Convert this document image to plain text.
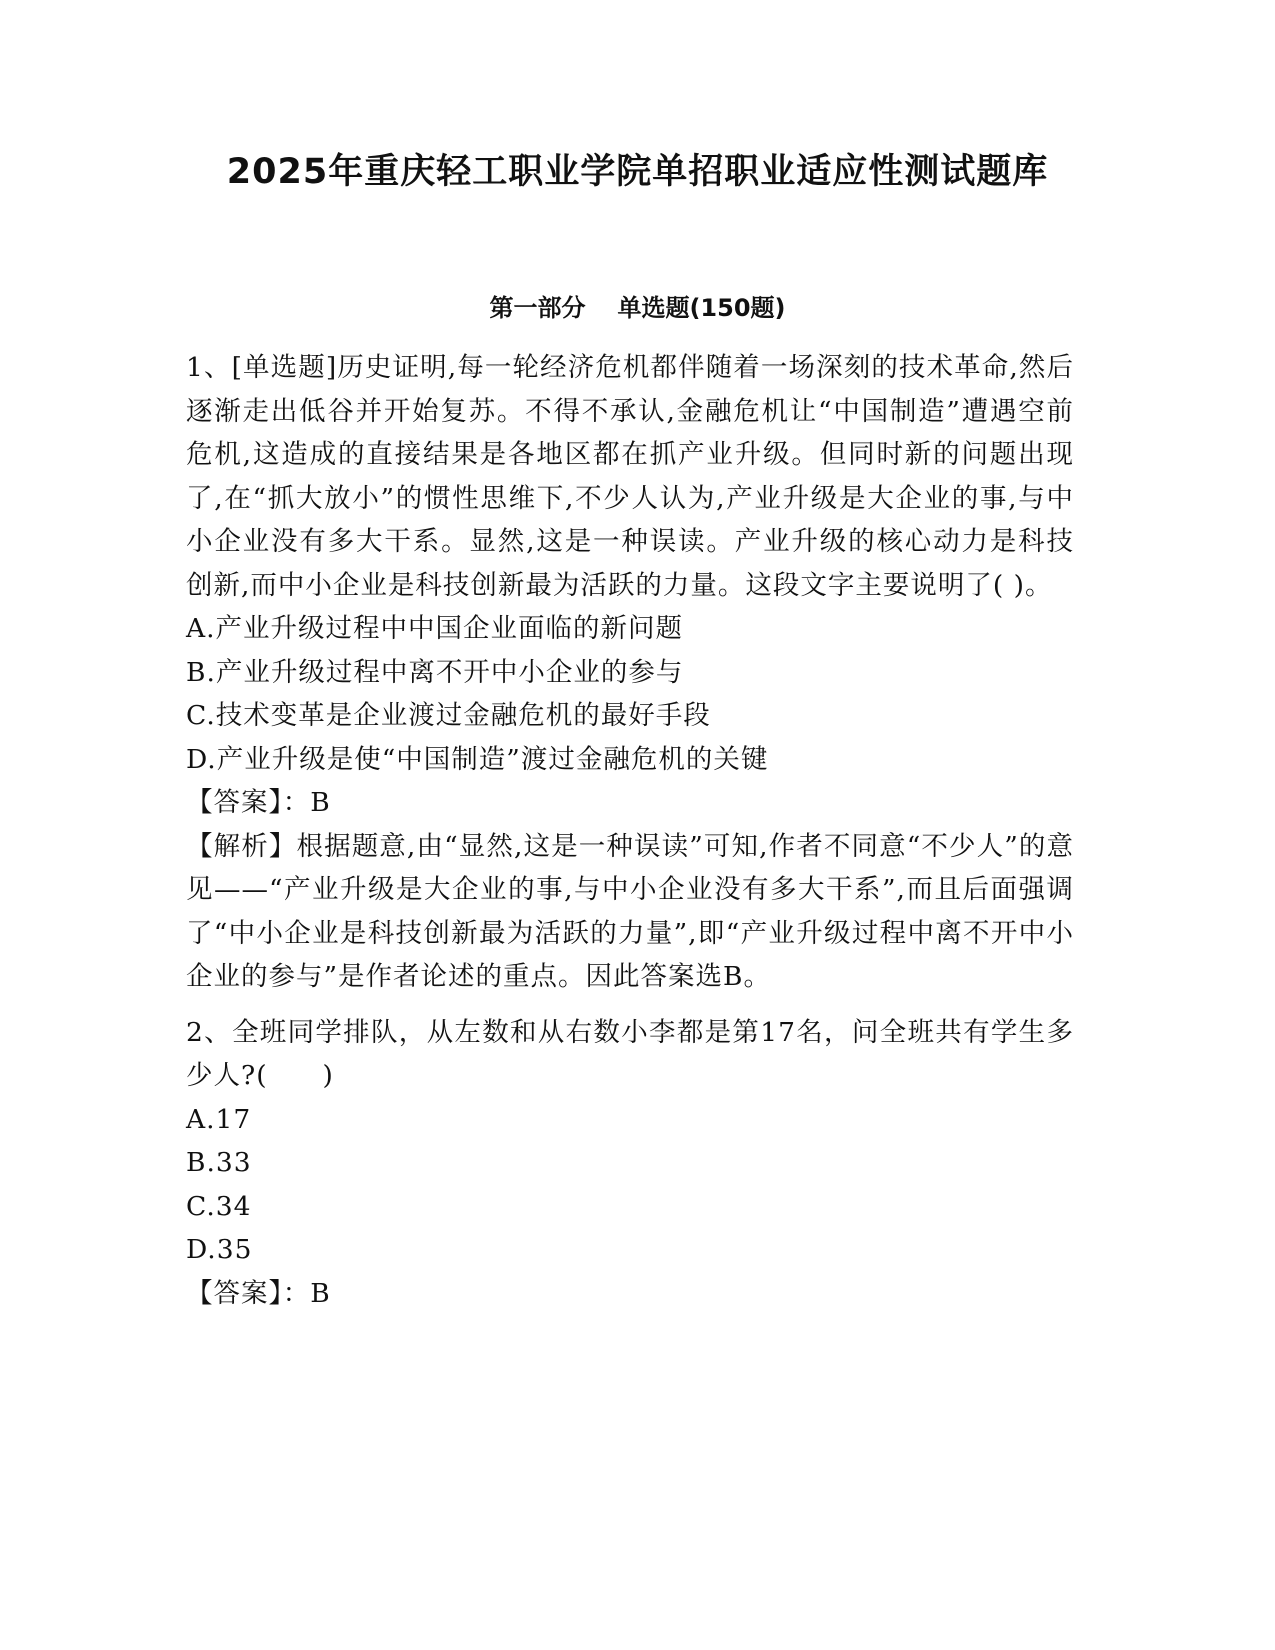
2025年重庆轻工职业学院单招职业适应性测试题库
第一部分 单选题(150题)

1、[单选题]历史证明,每一轮经济危机都伴随着一场深刻的技术革命,然后逐渐走出低谷并开始复苏。不得不承认,金融危机让“中国制造”遭遇空前危机,这造成的直接结果是各地区都在抓产业升级。但同时新的问题出现了,在“抓大放小”的惯性思维下,不少人认为,产业升级是大企业的事,与中小企业没有多大干系。显然,这是一种误读。产业升级的核心动力是科技创新,而中小企业是科技创新最为活跃的力量。这段文字主要说明了( )。

A.产业升级过程中中国企业面临的新问题

B.产业升级过程中离不开中小企业的参与

C.技术变革是企业渡过金融危机的最好手段

D.产业升级是使“中国制造”渡过金融危机的关键

【答案】：B

【解析】根据题意,由“显然,这是一种误读”可知,作者不同意“不少人”的意见——“产业升级是大企业的事,与中小企业没有多大干系”,而且后面强调了“中小企业是科技创新最为活跃的力量”,即“产业升级过程中离不开中小企业的参与”是作者论述的重点。因此答案选B。

2、全班同学排队，从左数和从右数小李都是第17名，问全班共有学生多少人?(　　)

A.17

B.33

C.34

D.35

【答案】：B
